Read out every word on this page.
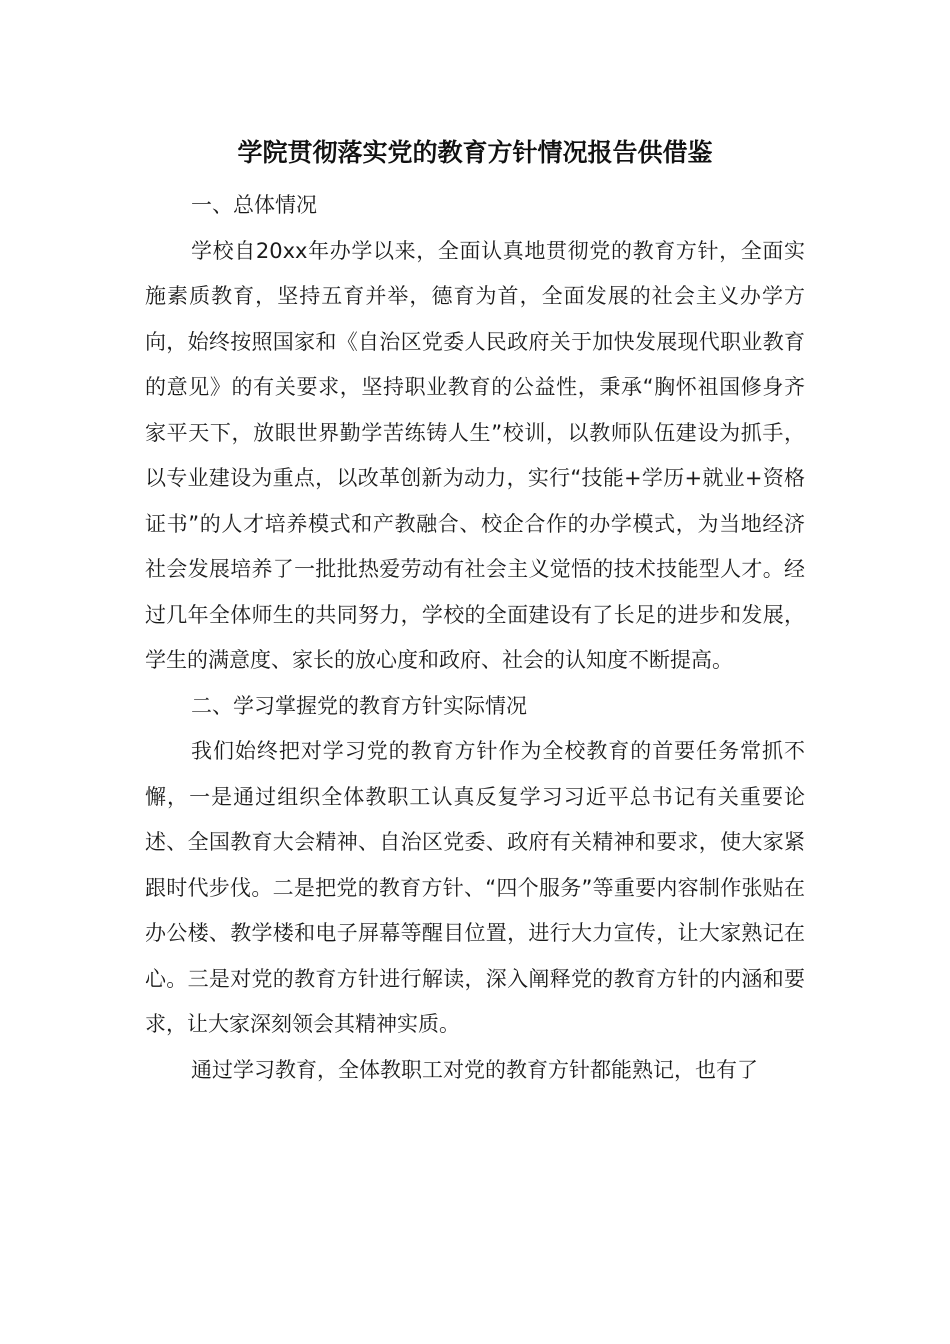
学院贯彻落实党的教育方针情况报告供借鉴

一、总体情况

学校自20xx年办学以来，全面认真地贯彻党的教育方针，全面实施素质教育，坚持五育并举，德育为首，全面发展的社会主义办学方向，始终按照国家和《自治区党委人民政府关于加快发展现代职业教育的意见》的有关要求，坚持职业教育的公益性，秉承“胸怀祖国修身齐家平天下，放眼世界勤学苦练铸人生”校训，以教师队伍建设为抓手，以专业建设为重点，以改革创新为动力，实行“技能+学历+就业+资格证书”的人才培养模式和产教融合、校企合作的办学模式，为当地经济社会发展培养了一批批热爱劳动有社会主义觉悟的技术技能型人才。经过几年全体师生的共同努力，学校的全面建设有了长足的进步和发展，学生的满意度、家长的放心度和政府、社会的认知度不断提高。

二、学习掌握党的教育方针实际情况

我们始终把对学习党的教育方针作为全校教育的首要任务常抓不懈，一是通过组织全体教职工认真反复学习习近平总书记有关重要论述、全国教育大会精神、自治区党委、政府有关精神和要求，使大家紧跟时代步伐。二是把党的教育方针、“四个服务”等重要内容制作张贴在办公楼、教学楼和电子屏幕等醒目位置，进行大力宣传，让大家熟记在心。三是对党的教育方针进行解读，深入阐释党的教育方针的内涵和要求，让大家深刻领会其精神实质。

通过学习教育，全体教职工对党的教育方针都能熟记，也有了
